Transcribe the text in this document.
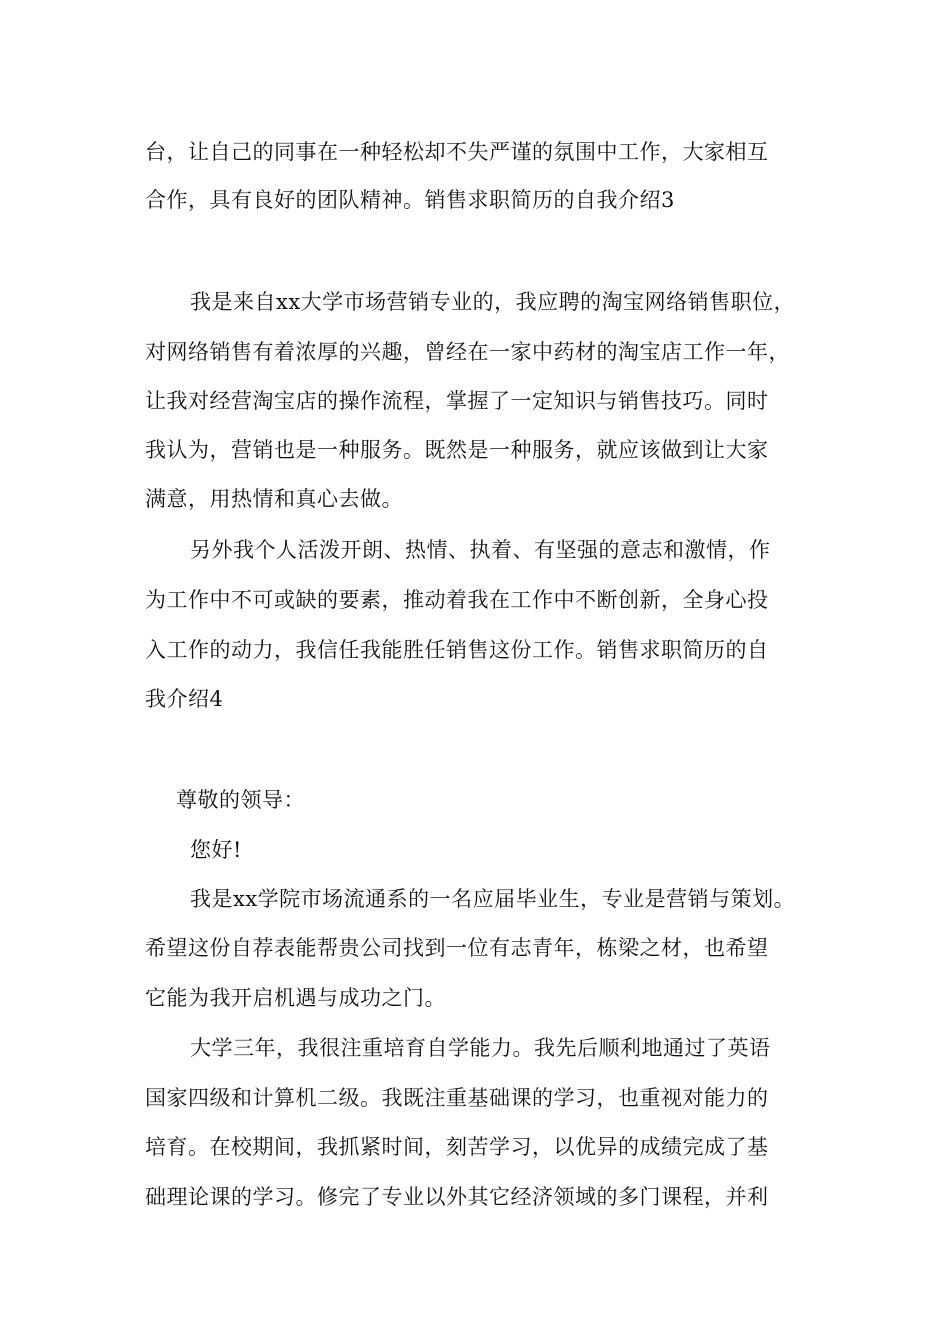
台，让自己的同事在一种轻松却不失严谨的氛围中工作，大家相互
合作，具有良好的团队精神。销售求职简历的自我介绍3
我是来自xx大学市场营销专业的，我应聘的淘宝网络销售职位，
对网络销售有着浓厚的兴趣，曾经在一家中药材的淘宝店工作一年，
让我对经营淘宝店的操作流程，掌握了一定知识与销售技巧。同时
我认为，营销也是一种服务。既然是一种服务，就应该做到让大家
满意，用热情和真心去做。
另外我个人活泼开朗、热情、执着、有坚强的意志和激情，作
为工作中不可或缺的要素，推动着我在工作中不断创新，全身心投
入工作的动力，我信任我能胜任销售这份工作。销售求职简历的自
我介绍4
尊敬的领导：
您好!
我是xx学院市场流通系的一名应届毕业生，专业是营销与策划。
希望这份自荐表能帮贵公司找到一位有志青年，栋梁之材，也希望
它能为我开启机遇与成功之门。
大学三年，我很注重培育自学能力。我先后顺利地通过了英语
国家四级和计算机二级。我既注重基础课的学习，也重视对能力的
培育。在校期间，我抓紧时间，刻苦学习，以优异的成绩完成了基
础理论课的学习。修完了专业以外其它经济领域的多门课程，并利
